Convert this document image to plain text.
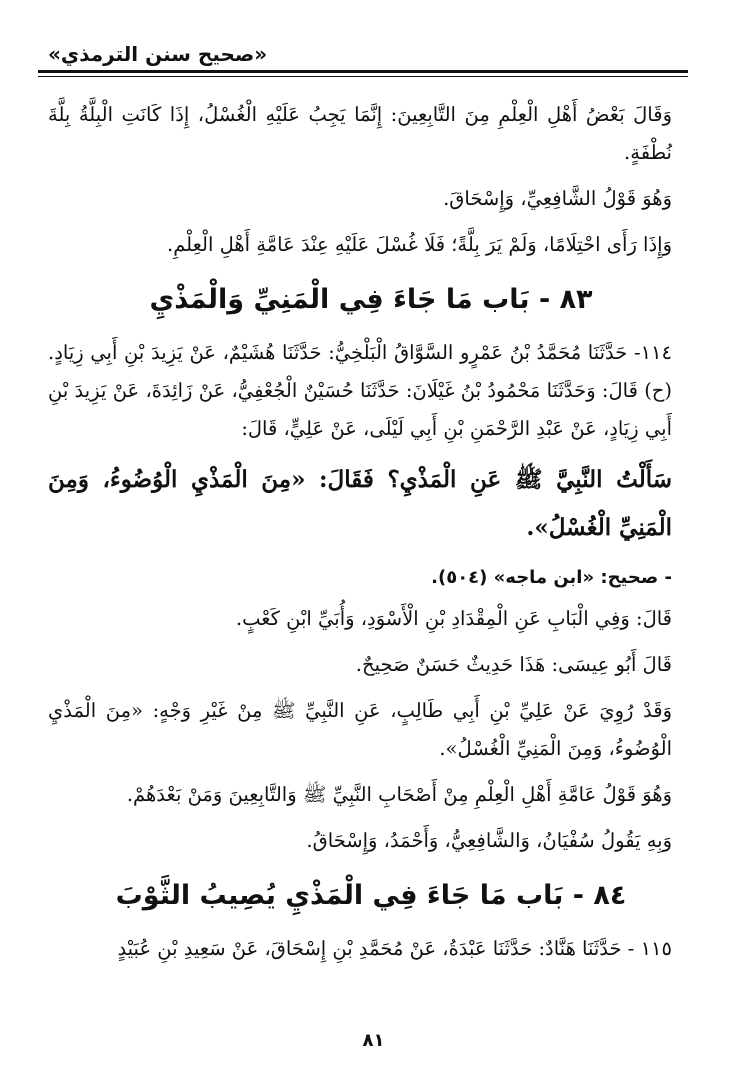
«صحيح سنن الترمذي»

وَقَالَ بَعْضُ أَهْلِ الْعِلْمِ مِنَ التَّابِعِينَ: إِنَّمَا يَجِبُ عَلَيْهِ الْغُسْلُ، إِذَا كَانَتِ الْبِلَّةُ بِلَّةَ نُطْفَةٍ.

وَهُوَ قَوْلُ الشَّافِعِيِّ، وَإِسْحَاقَ.

وَإِذَا رَأَى احْتِلَامًا، وَلَمْ يَرَ بِلَّةً؛ فَلَا غُسْلَ عَلَيْهِ عِنْدَ عَامَّةِ أَهْلِ الْعِلْمِ.

٨٣ - بَاب مَا جَاءَ فِي الْمَنِيِّ وَالْمَذْيِ

١١٤- حَدَّثَنَا مُحَمَّدُ بْنُ عَمْرٍو السَّوَّاقُ الْبَلْخِيُّ: حَدَّثَنَا هُشَيْمٌ، عَنْ يَزِيدَ بْنِ أَبِي زِيَادٍ. (ح) قَالَ: وَحَدَّثَنَا مَحْمُودُ بْنُ غَيْلَانَ: حَدَّثَنَا حُسَيْنٌ الْجُعْفِيُّ، عَنْ زَائِدَةَ، عَنْ يَزِيدَ بْنِ أَبِي زِيَادٍ، عَنْ عَبْدِ الرَّحْمَنِ بْنِ أَبِي لَيْلَى، عَنْ عَلِيٍّ، قَالَ:

سَأَلْتُ النَّبِيَّ ﷺ عَنِ الْمَذْيِ؟ فَقَالَ: «مِنَ الْمَذْيِ الْوُضُوءُ، وَمِنَ الْمَنِيِّ الْغُسْلُ».

- صحيح: «ابن ماجه» (٥٠٤).

قَالَ: وَفِي الْبَابِ عَنِ الْمِقْدَادِ بْنِ الْأَسْوَدِ، وَأُبَيِّ ابْنِ كَعْبٍ.

قَالَ أَبُو عِيسَى: هَذَا حَدِيثٌ حَسَنٌ صَحِيحٌ.

وَقَدْ رُوِيَ عَنْ عَلِيِّ بْنِ أَبِي طَالِبٍ، عَنِ النَّبِيِّ ﷺ مِنْ غَيْرِ وَجْهٍ: «مِنَ الْمَذْيِ الْوُضُوءُ، وَمِنَ الْمَنِيِّ الْغُسْلُ».

وَهُوَ قَوْلُ عَامَّةِ أَهْلِ الْعِلْمِ مِنْ أَصْحَابِ النَّبِيِّ ﷺ وَالتَّابِعِينَ وَمَنْ بَعْدَهُمْ.

وَبِهِ يَقُولُ سُفْيَانُ، وَالشَّافِعِيُّ، وَأَحْمَدُ، وَإِسْحَاقُ.

٨٤ - بَاب مَا جَاءَ فِي الْمَذْيِ يُصِيبُ الثَّوْبَ

١١٥ - حَدَّثَنَا هَنَّادٌ: حَدَّثَنَا عَبْدَةُ، عَنْ مُحَمَّدِ بْنِ إِسْحَاقَ، عَنْ سَعِيدِ بْنِ عُبَيْدٍ

٨١
